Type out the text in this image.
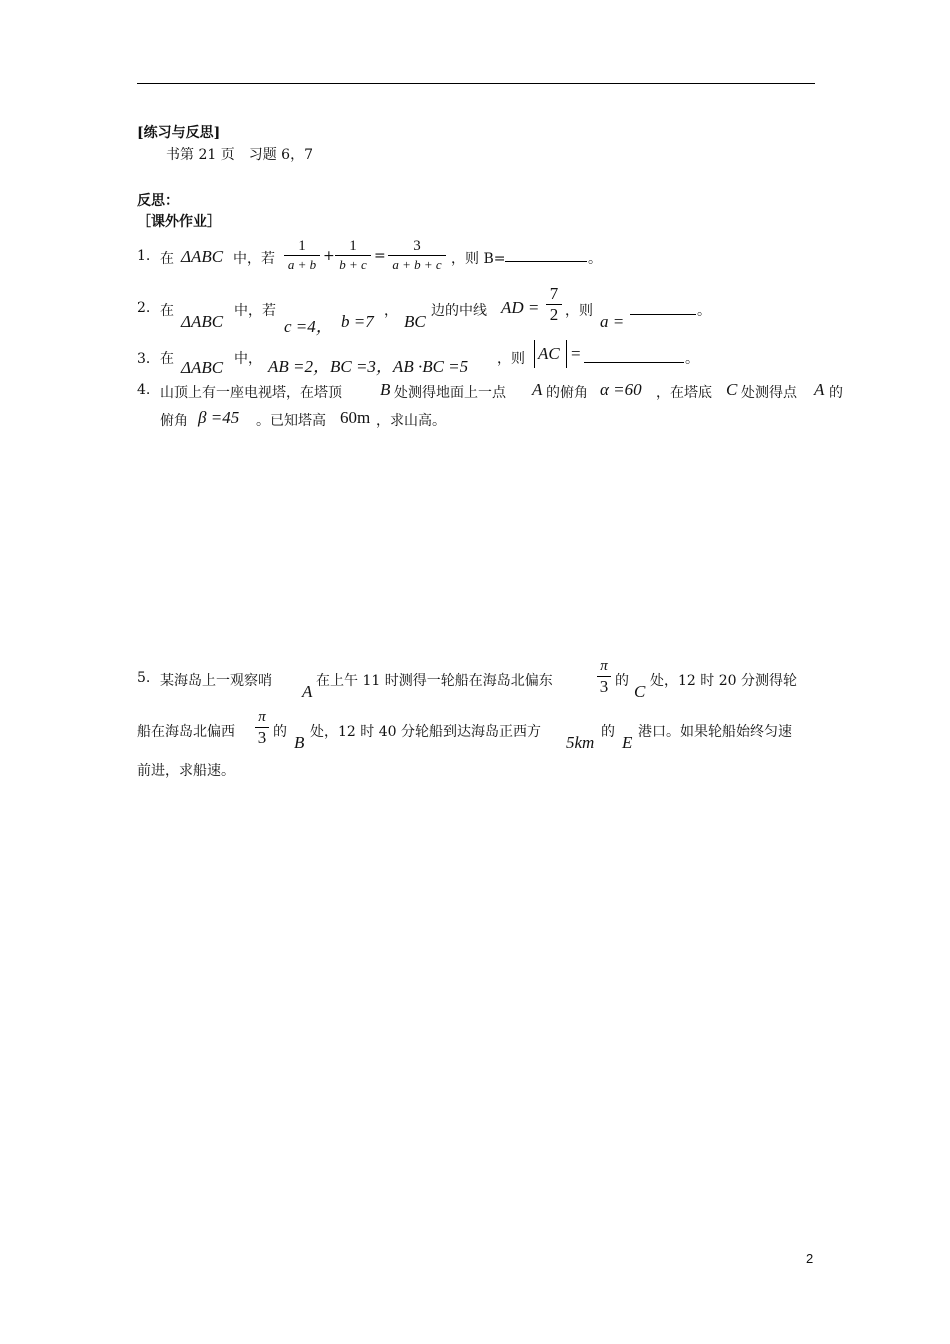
[练习与反思]
书第 21 页　习题 6，7
反思：
［课外作业］
1. 在 ΔABC 中，若
1
a + b
+
1
b + c
=
3
a + b + c ，则 B=	。
2. 在
ΔABC
中，若
c =4， b =7
，
BC
边的中线 AD =
7
2 ，则
a =
。
3． 在 ΔABC 中， AB =2，BC =3，AB ·BC =5 ，则 AC =	。
4. 山顶上有一座电视塔，在塔顶 B 处测得地面上一点 A 的俯角 α =60 ，在塔底 C 处测得点 A 的
俯角 β =45 。已知塔高 60m ，求山高。
5. 某海岛上一观察哨
A
在上午 11 时测得一轮船在海岛北偏东
π
3 的
C
处，12 时 20 分测得轮
船在海岛北偏西
π
3 的
B
处，12 时 40 分轮船到达海岛正西方
5km
的
E
港口。如果轮船始终匀速
前进，求船速。
2
